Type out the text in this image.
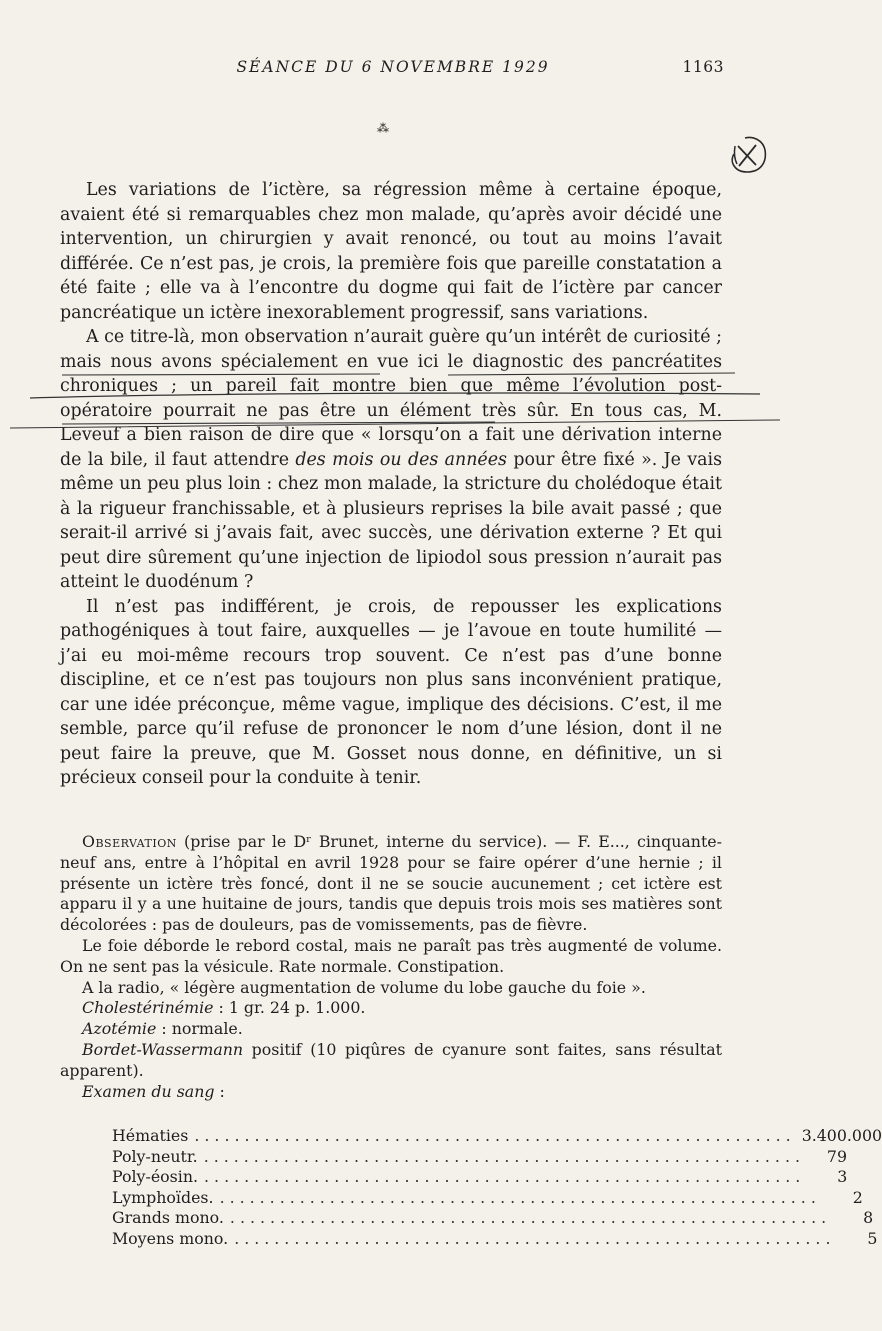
SÉANCE DU 6 NOVEMBRE 1929	1163
⁂

Les variations de l’ictère, sa régression même à certaine époque, avaient été si remarquables chez mon malade, qu’après avoir décidé une intervention, un chirurgien y avait renoncé, ou tout au moins l’avait différée. Ce n’est pas, je crois, la première fois que pareille constatation a été faite ; elle va à l’encontre du dogme qui fait de l’ictère par cancer pancréatique un ictère inexorablement progressif, sans variations.

A ce titre-là, mon observation n’aurait guère qu’un intérêt de curiosité ; mais nous avons spécialement en vue ici le diagnostic des pancréatites chroniques ; un pareil fait montre bien que même l’évolution post-opératoire pourrait ne pas être un élément très sûr. En tous cas, M. Leveuf a bien raison de dire que « lorsqu’on a fait une dérivation interne de la bile, il faut attendre des mois ou des années pour être fixé ». Je vais même un peu plus loin : chez mon malade, la stricture du cholédoque était à la rigueur franchissable, et à plusieurs reprises la bile avait passé ; que serait-il arrivé si j’avais fait, avec succès, une dérivation externe ? Et qui peut dire sûrement qu’une injection de lipiodol sous pression n’aurait pas atteint le duodénum ?

Il n’est pas indifférent, je crois, de repousser les explications pathogéniques à tout faire, auxquelles — je l’avoue en toute humilité — j’ai eu moi-même recours trop souvent. Ce n’est pas d’une bonne discipline, et ce n’est pas toujours non plus sans inconvénient pratique, car une idée préconçue, même vague, implique des décisions. C’est, il me semble, parce qu’il refuse de prononcer le nom d’une lésion, dont il ne peut faire la preuve, que M. Gosset nous donne, en définitive, un si précieux conseil pour la conduite à tenir.

Observation (prise par le Dʳ Brunet, interne du service). — F. E..., cinquante-neuf ans, entre à l’hôpital en avril 1928 pour se faire opérer d’une hernie ; il présente un ictère très foncé, dont il ne se soucie aucunement ; cet ictère est apparu il y a une huitaine de jours, tandis que depuis trois mois ses matières sont décolorées : pas de douleurs, pas de vomissements, pas de fièvre.

Le foie déborde le rebord costal, mais ne paraît pas très augmenté de volume. On ne sent pas la vésicule. Rate normale. Constipation.

A la radio, « légère augmentation de volume du lobe gauche du foie ».

Cholestérinémie : 1 gr. 24 p. 1.000.

Azotémie : normale.

Bordet-Wassermann positif (10 piqûres de cyanure sont faites, sans résultat apparent).

Examen du sang :

Hématies ............................................................ 3.400.000
Poly-neutr. ............................................................	79
Poly-éosin. ............................................................	3
Lymphoïdes. ............................................................	2
Grands mono. ............................................................	8
Moyens mono. ............................................................	5
